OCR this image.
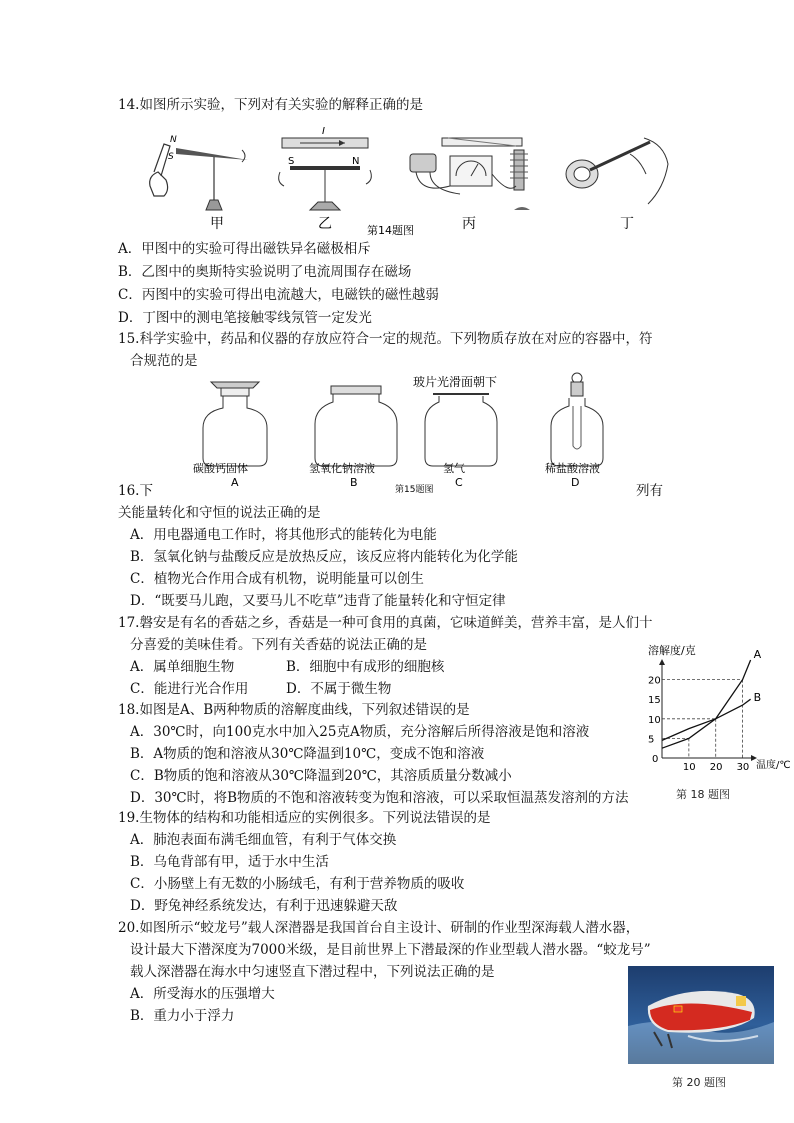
14.如图所示实验，下列对有关实验的解释正确的是
N
S
甲
I
S	N
乙	第14题图	丙	丁
A．甲图中的实验可得出磁铁异名磁极相斥
B．乙图中的奥斯特实验说明了电流周围存在磁场
C．丙图中的实验可得出电流越大，电磁铁的磁性越弱
D．丁图中的测电笔接触零线氖管一定发光
15.科学实验中，药品和仪器的存放应符合一定的规范。下列物质存放在对应的容器中，符
合规范的是
玻片光滑面朝下
碳酸钙固体
A
氢氧化钠溶液
B
氢气
C
稀盐酸溶液
D
第15题图
16.下	列有
关能量转化和守恒的说法正确的是
A．用电器通电工作时，将其他形式的能转化为电能
B．氢氧化钠与盐酸反应是放热反应，该反应将内能转化为化学能
C．植物光合作用合成有机物，说明能量可以创生
D．“既要马儿跑，又要马儿不吃草”违背了能量转化和守恒定律
17.磐安是有名的香菇之乡，香菇是一种可食用的真菌，它味道鲜美，营养丰富，是人们十
分喜爱的美味佳肴。下列有关香菇的说法正确的是
A．属单细胞生物	B．细胞中有成形的细胞核
C．能进行光合作用	D．不属于微生物
18.如图是A、B两种物质的溶解度曲线，下列叙述错误的是
A．30℃时，向100克水中加入25克A物质，充分溶解后所得溶液是饱和溶液
B．A物质的饱和溶液从30℃降温到10℃，变成不饱和溶液
C．B物质的饱和溶液从30℃降温到20℃，其溶质质量分数减小
D．30℃时，将B物质的不饱和溶液转变为饱和溶液，可以采取恒温蒸发溶剂的方法
溶解度/克
温度/℃
0
10 20 30
5
10
15
20
A
B
第 18 题图
19.生物体的结构和功能相适应的实例很多。下列说法错误的是
A．肺泡表面布满毛细血管，有利于气体交换
B．乌龟背部有甲，适于水中生活
C．小肠壁上有无数的小肠绒毛，有利于营养物质的吸收
D．野兔神经系统发达，有利于迅速躲避天敌
20.如图所示“蛟龙号”载人深潜器是我国首台自主设计、研制的作业型深海载人潜水器，
设计最大下潜深度为7000米级，是目前世界上下潜最深的作业型载人潜水器。“蛟龙号”
载人深潜器在海水中匀速竖直下潜过程中，下列说法正确的是
A．所受海水的压强增大
B．重力小于浮力
第 20 题图
